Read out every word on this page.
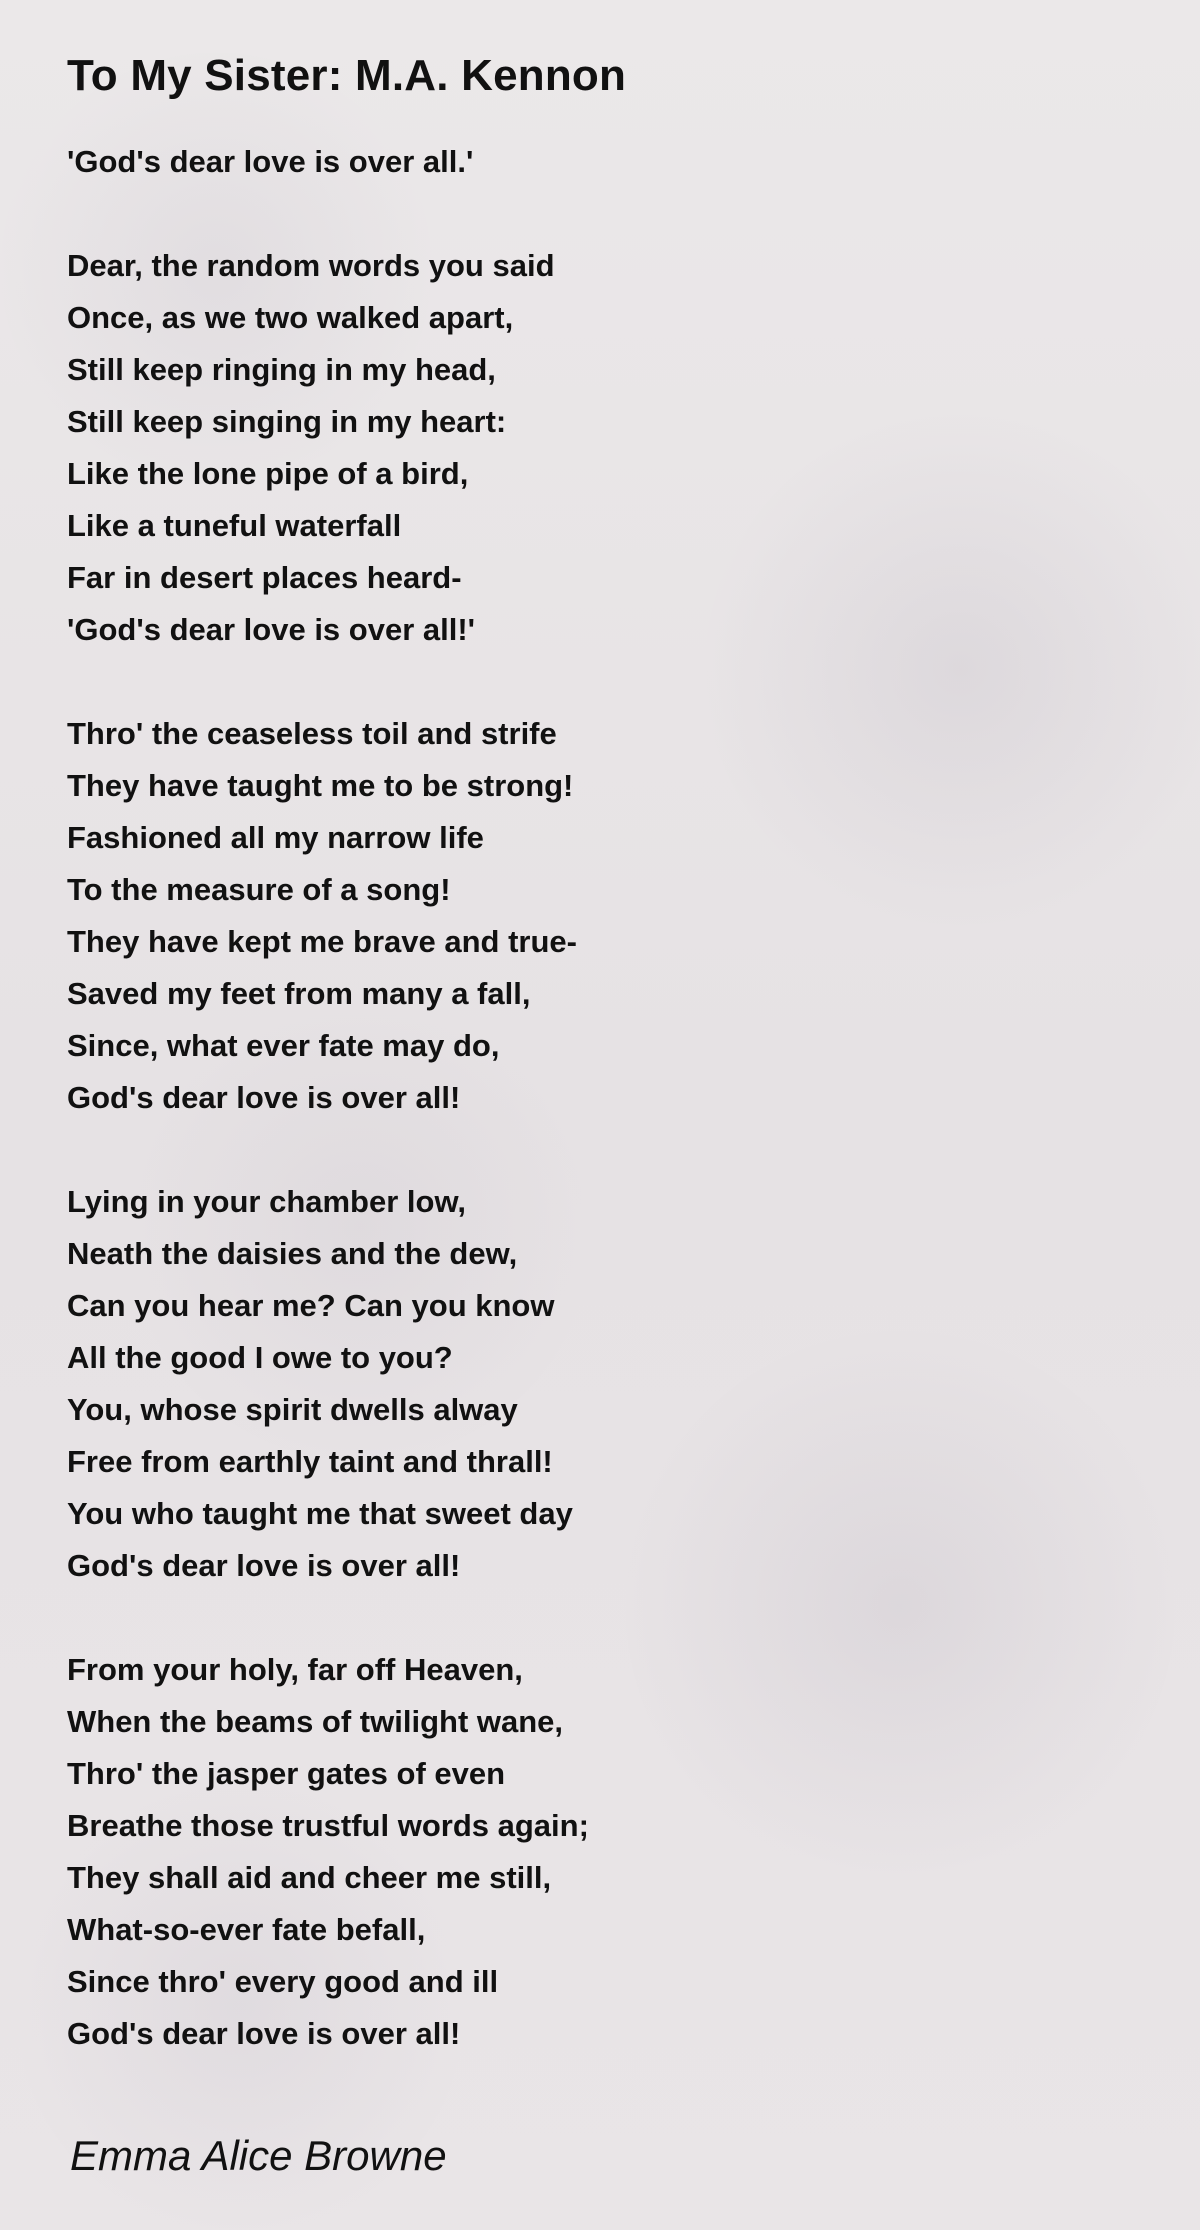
To My Sister: M.A. Kennon
'God's dear love is over all.'
Dear, the random words you said
Once, as we two walked apart,
Still keep ringing in my head,
Still keep singing in my heart:
Like the lone pipe of a bird,
Like a tuneful waterfall
Far in desert places heard-
'God's dear love is over all!'
Thro' the ceaseless toil and strife
They have taught me to be strong!
Fashioned all my narrow life
To the measure of a song!
They have kept me brave and true-
Saved my feet from many a fall,
Since, what ever fate may do,
God's dear love is over all!
Lying in your chamber low,
Neath the daisies and the dew,
Can you hear me? Can you know
All the good I owe to you?
You, whose spirit dwells alway
Free from earthly taint and thrall!
You who taught me that sweet day
God's dear love is over all!
From your holy, far off Heaven,
When the beams of twilight wane,
Thro' the jasper gates of even
Breathe those trustful words again;
They shall aid and cheer me still,
What-so-ever fate befall,
Since thro' every good and ill
God's dear love is over all!
Emma Alice Browne
